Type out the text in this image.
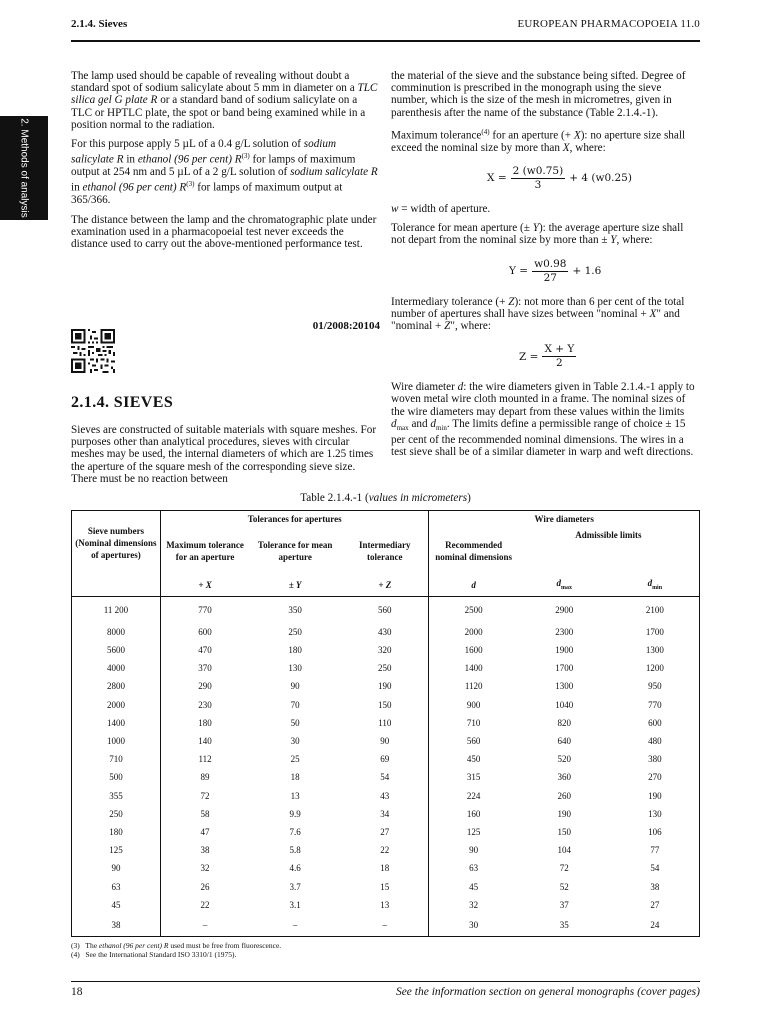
2.1.4. Sieves	EUROPEAN PHARMACOPOEIA 11.0
2. Methods of analysis

The lamp used should be capable of revealing without doubt a standard spot of sodium salicylate about 5 mm in diameter on a TLC silica gel G plate R or a standard band of sodium salicylate on a TLC or HPTLC plate, the spot or band being examined while in a position normal to the radiation.

For this purpose apply 5 µL of a 0.4 g/L solution of sodium salicylate R in ethanol (96 per cent) $R^{(3)}$ for lamps of maximum output at 254 nm and 5 µL of a 2 g/L solution of sodium salicylate R in ethanol (96 per cent) $R^{(3)}$ for lamps of maximum output at 365/366.

The distance between the lamp and the chromatographic plate under examination used in a pharmacopoeial test never exceeds the distance used to carry out the above-mentioned performance test.

01/2008:20104
2.1.4. SIEVES

Sieves are constructed of suitable materials with square meshes. For purposes other than analytical procedures, sieves with circular meshes may be used, the internal diameters of which are 1.25 times the aperture of the square mesh of the corresponding sieve size. There must be no reaction between

the material of the sieve and the substance being sifted. Degree of comminution is prescribed in the monograph using the sieve number, which is the size of the mesh in micrometres, given in parenthesis after the name of the substance (Table 2.1.4.-1).

Maximum tolerance$^{(4)}$ for an aperture (+ X): no aperture size shall exceed the nominal size by more than X, where:

$X = \frac{2 (w0.75)}{3} + 4$ (w0.25)

w = width of aperture.

Tolerance for mean aperture (± Y): the average aperture size shall not depart from the nominal size by more than ± Y, where:

$Y = \frac{w0.98}{27} + 1.6$

Intermediary tolerance (+ Z): not more than 6 per cent of the total number of apertures shall have sizes between "nominal + X" and "nominal + Z", where:

$Z = \frac{X + Y}{2}$

Wire diameter d: the wire diameters given in Table 2.1.4.-1 apply to woven metal wire cloth mounted in a frame. The nominal sizes of the wire diameters may depart from these values within the limits $d_{max}$ and $d_{min}$. The limits define a permissible range of choice ± 15 per cent of the recommended nominal dimensions. The wires in a test sieve shall be of a similar diameter in warp and weft directions.

Table 2.1.4.-1 (values in micrometers)
Sieve numbers (Nominal dimensions of apertures)	Tolerances for apertures			Wire diameters		
	Maximum tolerance for an aperture	Tolerance for mean aperture	Intermediary tolerance	Recommended nominal dimensions	Admissible limits	
	+ X	± Y	+ Z	d	$d_{max}$	$d_{min}$
11 200	770	350	560	2500	2900	2100
8000	600	250	430	2000	2300	1700
5600	470	180	320	1600	1900	1300
4000	370	130	250	1400	1700	1200
2800	290	90	190	1120	1300	950
2000	230	70	150	900	1040	770
1400	180	50	110	710	820	600
1000	140	30	90	560	640	480
710	112	25	69	450	520	380
500	89	18	54	315	360	270
355	72	13	43	224	260	190
250	58	9.9	34	160	190	130
180	47	7.6	27	125	150	106
125	38	5.8	22	90	104	77
90	32	4.6	18	63	72	54
63	26	3.7	15	45	52	38
45	22	3.1	13	32	37	27
38	–	–	–	30	35	24
(3) The ethanol (96 per cent) R used must be free from fluorescence.
(4) See the International Standard ISO 3310/1 (1975).
18	See the information section on general monographs (cover pages)
